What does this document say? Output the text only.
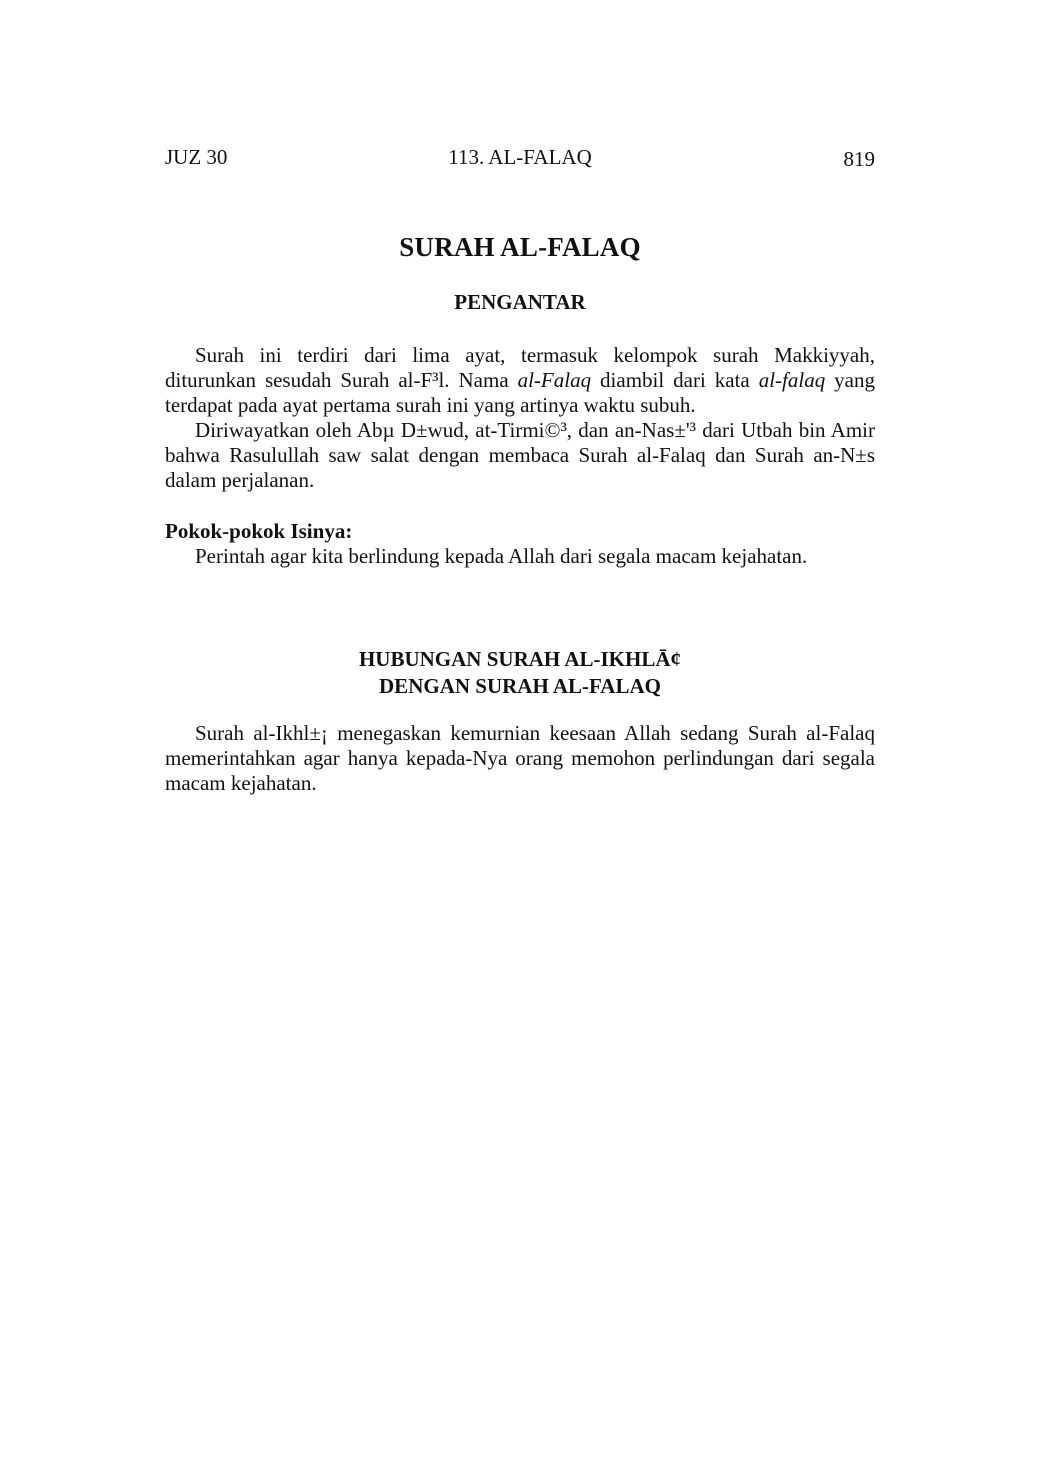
JUZ 30	113. AL-FALAQ	819
SURAH AL-FALAQ
PENGANTAR

Surah ini terdiri dari lima ayat, termasuk kelompok surah Makkiyyah, diturunkan sesudah Surah al-F³l. Nama al-Falaq diambil dari kata al-falaq yang terdapat pada ayat pertama surah ini yang artinya waktu subuh.

Diriwayatkan oleh Abµ D±wud, at-Tirmi©³, dan an-Nas±'³ dari Utbah bin Amir bahwa Rasulullah saw salat dengan membaca Surah al-Falaq dan Surah an-N±s dalam perjalanan.

Pokok-pokok Isinya:

Perintah agar kita berlindung kepada Allah dari segala macam kejahatan.

HUBUNGAN SURAH AL-IKHLĀ¢
DENGAN SURAH AL-FALAQ

Surah al-Ikhl±¡ menegaskan kemurnian keesaan Allah sedang Surah al-Falaq memerintahkan agar hanya kepada-Nya orang memohon perlindungan dari segala macam kejahatan.
